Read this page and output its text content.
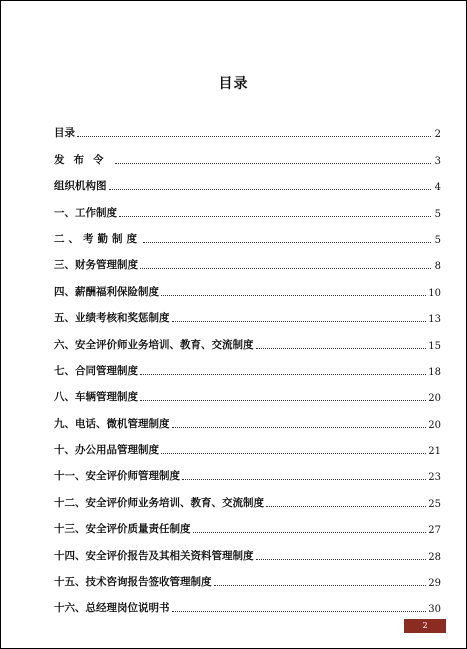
目录
目录	2
发布令	3
组织机构图	4
一、工作制度	5
二、考勤制度	5
三、财务管理制度	8
四、薪酬福利保险制度	10
五、业绩考核和奖惩制度	13
六、安全评价师业务培训、教育、交流制度	15
七、合同管理制度	18
八、车辆管理制度	20
九、电话、微机管理制度	20
十、办公用品管理制度	21
十一、安全评价师管理制度	23
十二、安全评价师业务培训、教育、交流制度	25
十三、安全评价质量责任制度	27
十四、安全评价报告及其相关资料管理制度	28
十五、技术咨询报告签收管理制度	29
十六、总经理岗位说明书	30
2
